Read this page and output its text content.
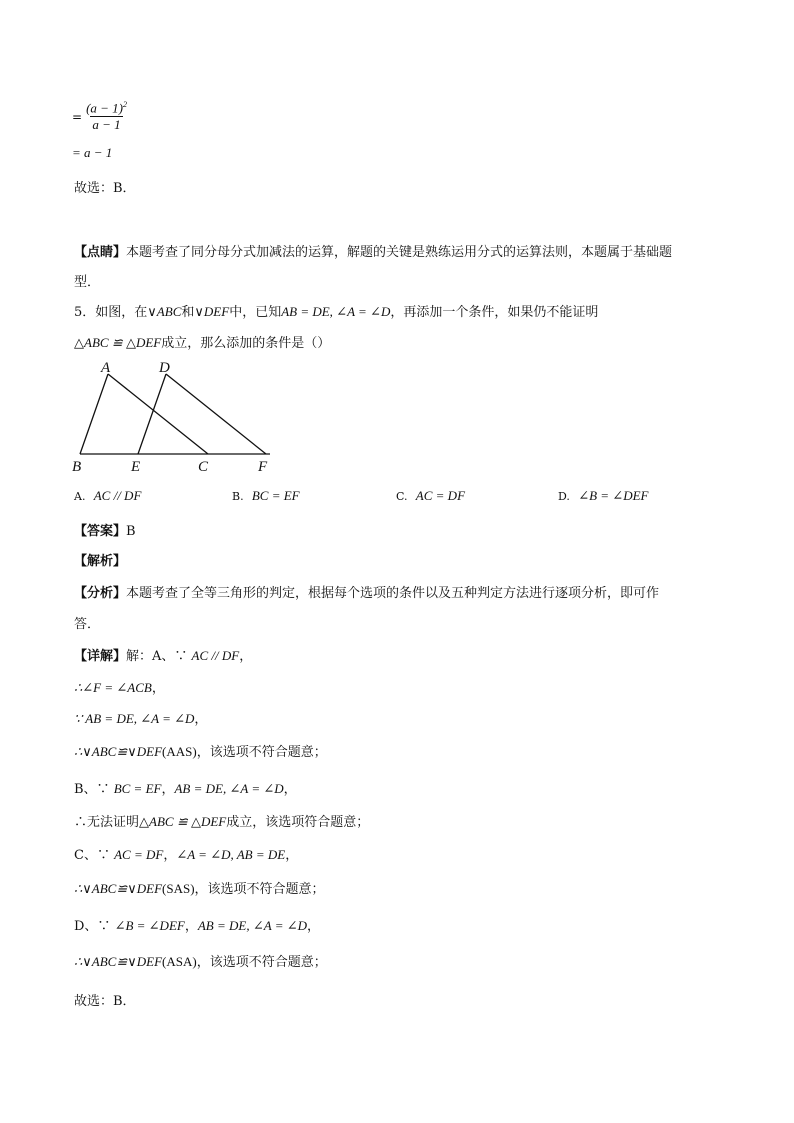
= $\frac{(a - 1)^2}{a - 1}$
= a − 1
故选：B．
【点睛】本题考查了同分母分式加减法的运算，解题的关键是熟练运用分式的运算法则，本题属于基础题
型．
5．如图，在∨ABC和∨DEF中，已知AB = DE, ∠A = ∠D，再添加一个条件，如果仍不能证明
△ABC ≌ △DEF成立，那么添加的条件是（）
A	D
B	E	C	F
A. AC // DF	B. BC = EF	C. AC = DF	D. ∠B = ∠DEF
【答案】B
【解析】
【分析】本题考查了全等三角形的判定，根据每个选项的条件以及五种判定方法进行逐项分析，即可作
答．
【详解】解：A、∵ AC // DF，
∴∠F = ∠ACB，
∵ AB = DE, ∠A = ∠D，
∴∨ABC≌∨DEF(AAS)，该选项不符合题意；
B、∵ BC = EF，AB = DE, ∠A = ∠D，
∴无法证明△ABC ≌ △DEF成立，该选项符合题意；
C、∵ AC = DF，∠A = ∠D, AB = DE，
∴∨ABC≌∨DEF(SAS)，该选项不符合题意；
D、∵ ∠B = ∠DEF，AB = DE, ∠A = ∠D，
∴∨ABC≌∨DEF(ASA)，该选项不符合题意；
故选：B．
